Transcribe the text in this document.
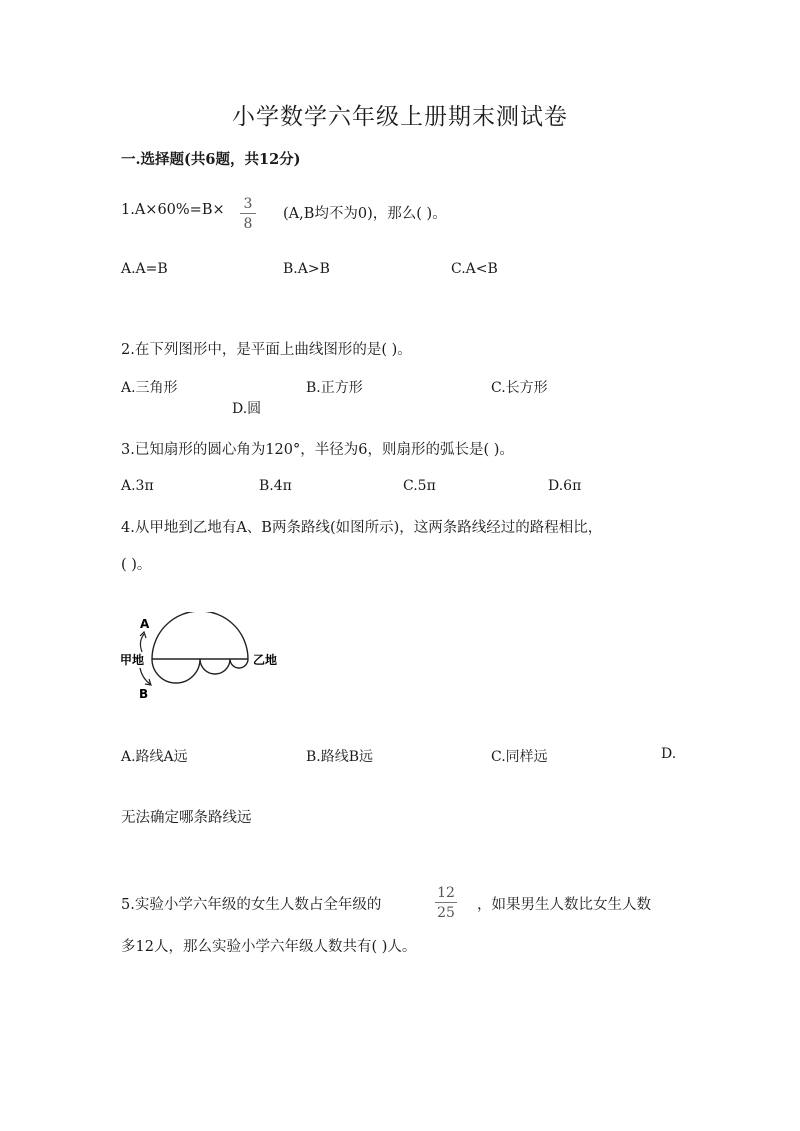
小学数学六年级上册期末测试卷
一.选择题(共6题，共12分)
1.A×60%=B× 3
8
(A,B均不为0)，那么( )。
A.A=B	B.A>B	C.A<B
2.在下列图形中，是平面上曲线图形的是( )。
A.三角形	B.正方形	C.长方形
D.圆
3.已知扇形的圆心角为120°，半径为6，则扇形的弧长是( )。
A.3π	B.4π	C.5π	D.6π
4.从甲地到乙地有A、B两条路线(如图所示)，这两条路线经过的路程相比，
( )。
A
B
甲地	乙地
A.路线A远	B.路线B远	C.同样远	D.
无法确定哪条路线远
5.实验小学六年级的女生人数占全年级的
12
25 ，如果男生人数比女生人数
多12人，那么实验小学六年级人数共有( )人。
